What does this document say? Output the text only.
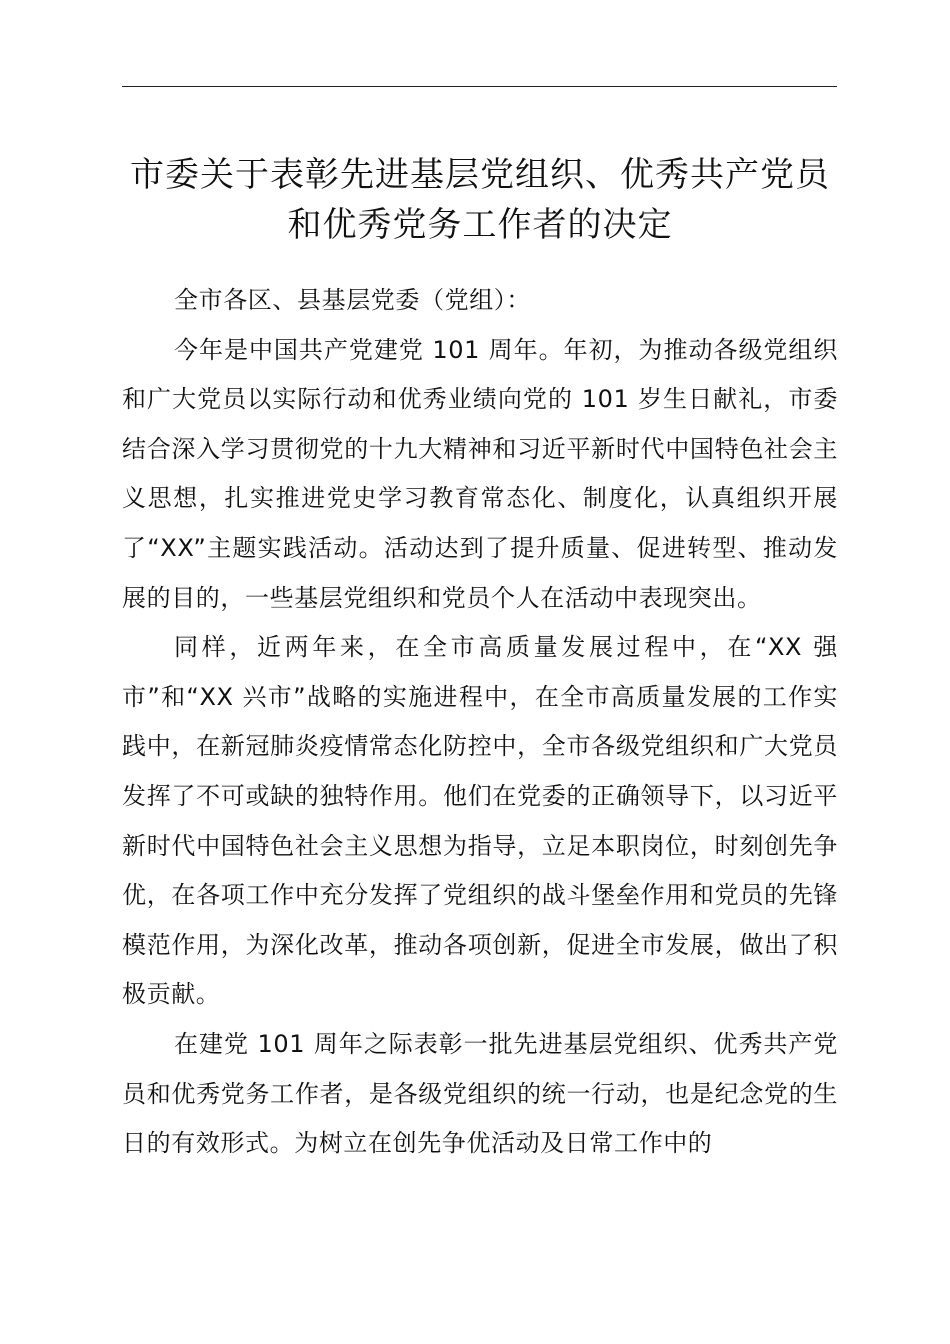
市委关于表彰先进基层党组织、优秀共产党员
和优秀党务工作者的决定

全市各区、县基层党委（党组）：

今年是中国共产党建党 101 周年。年初，为推动各级党组织和广大党员以实际行动和优秀业绩向党的 101 岁生日献礼，市委结合深入学习贯彻党的十九大精神和习近平新时代中国特色社会主义思想，扎实推进党史学习教育常态化、制度化，认真组织开展了“XX”主题实践活动。活动达到了提升质量、促进转型、推动发展的目的，一些基层党组织和党员个人在活动中表现突出。

同样，近两年来，在全市高质量发展过程中，在“XX 强市”和“XX 兴市”战略的实施进程中，在全市高质量发展的工作实践中，在新冠肺炎疫情常态化防控中，全市各级党组织和广大党员发挥了不可或缺的独特作用。他们在党委的正确领导下，以习近平新时代中国特色社会主义思想为指导，立足本职岗位，时刻创先争优，在各项工作中充分发挥了党组织的战斗堡垒作用和党员的先锋模范作用，为深化改革，推动各项创新，促进全市发展，做出了积极贡献。

在建党 101 周年之际表彰一批先进基层党组织、优秀共产党员和优秀党务工作者，是各级党组织的统一行动，也是纪念党的生日的有效形式。为树立在创先争优活动及日常工作中的
